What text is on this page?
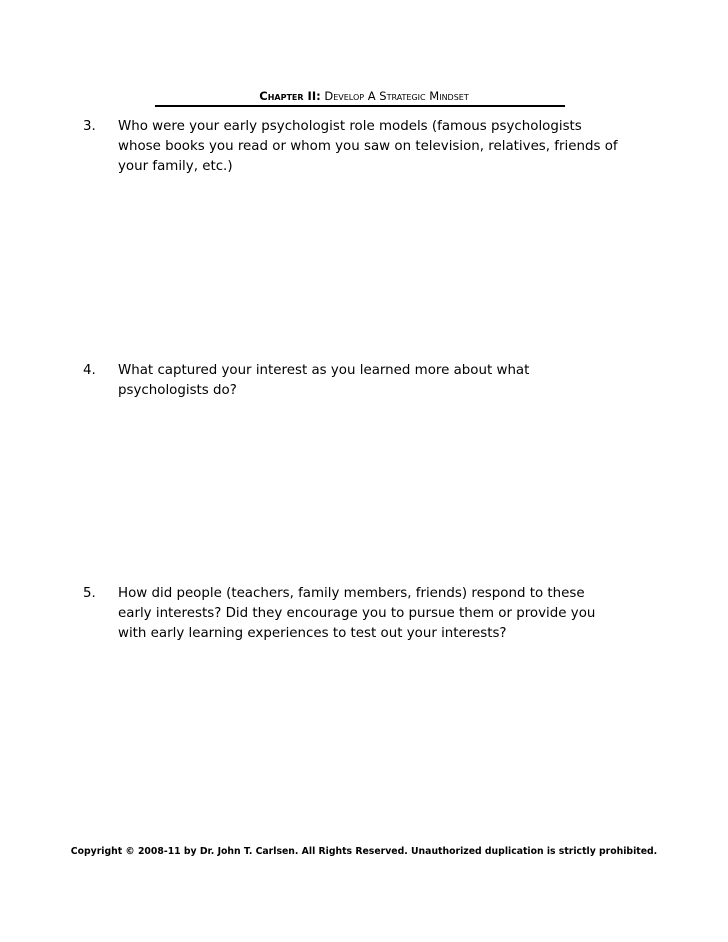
Chapter II: Develop A Strategic Mindset
3. Who were your early psychologist role models (famous psychologists whose books you read or whom you saw on television, relatives, friends of your family, etc.)
4. What captured your interest as you learned more about what psychologists do?
5. How did people (teachers, family members, friends) respond to these early interests? Did they encourage you to pursue them or provide you with early learning experiences to test out your interests?
Copyright © 2008-11 by Dr. John T. Carlsen. All Rights Reserved. Unauthorized duplication is strictly prohibited.
